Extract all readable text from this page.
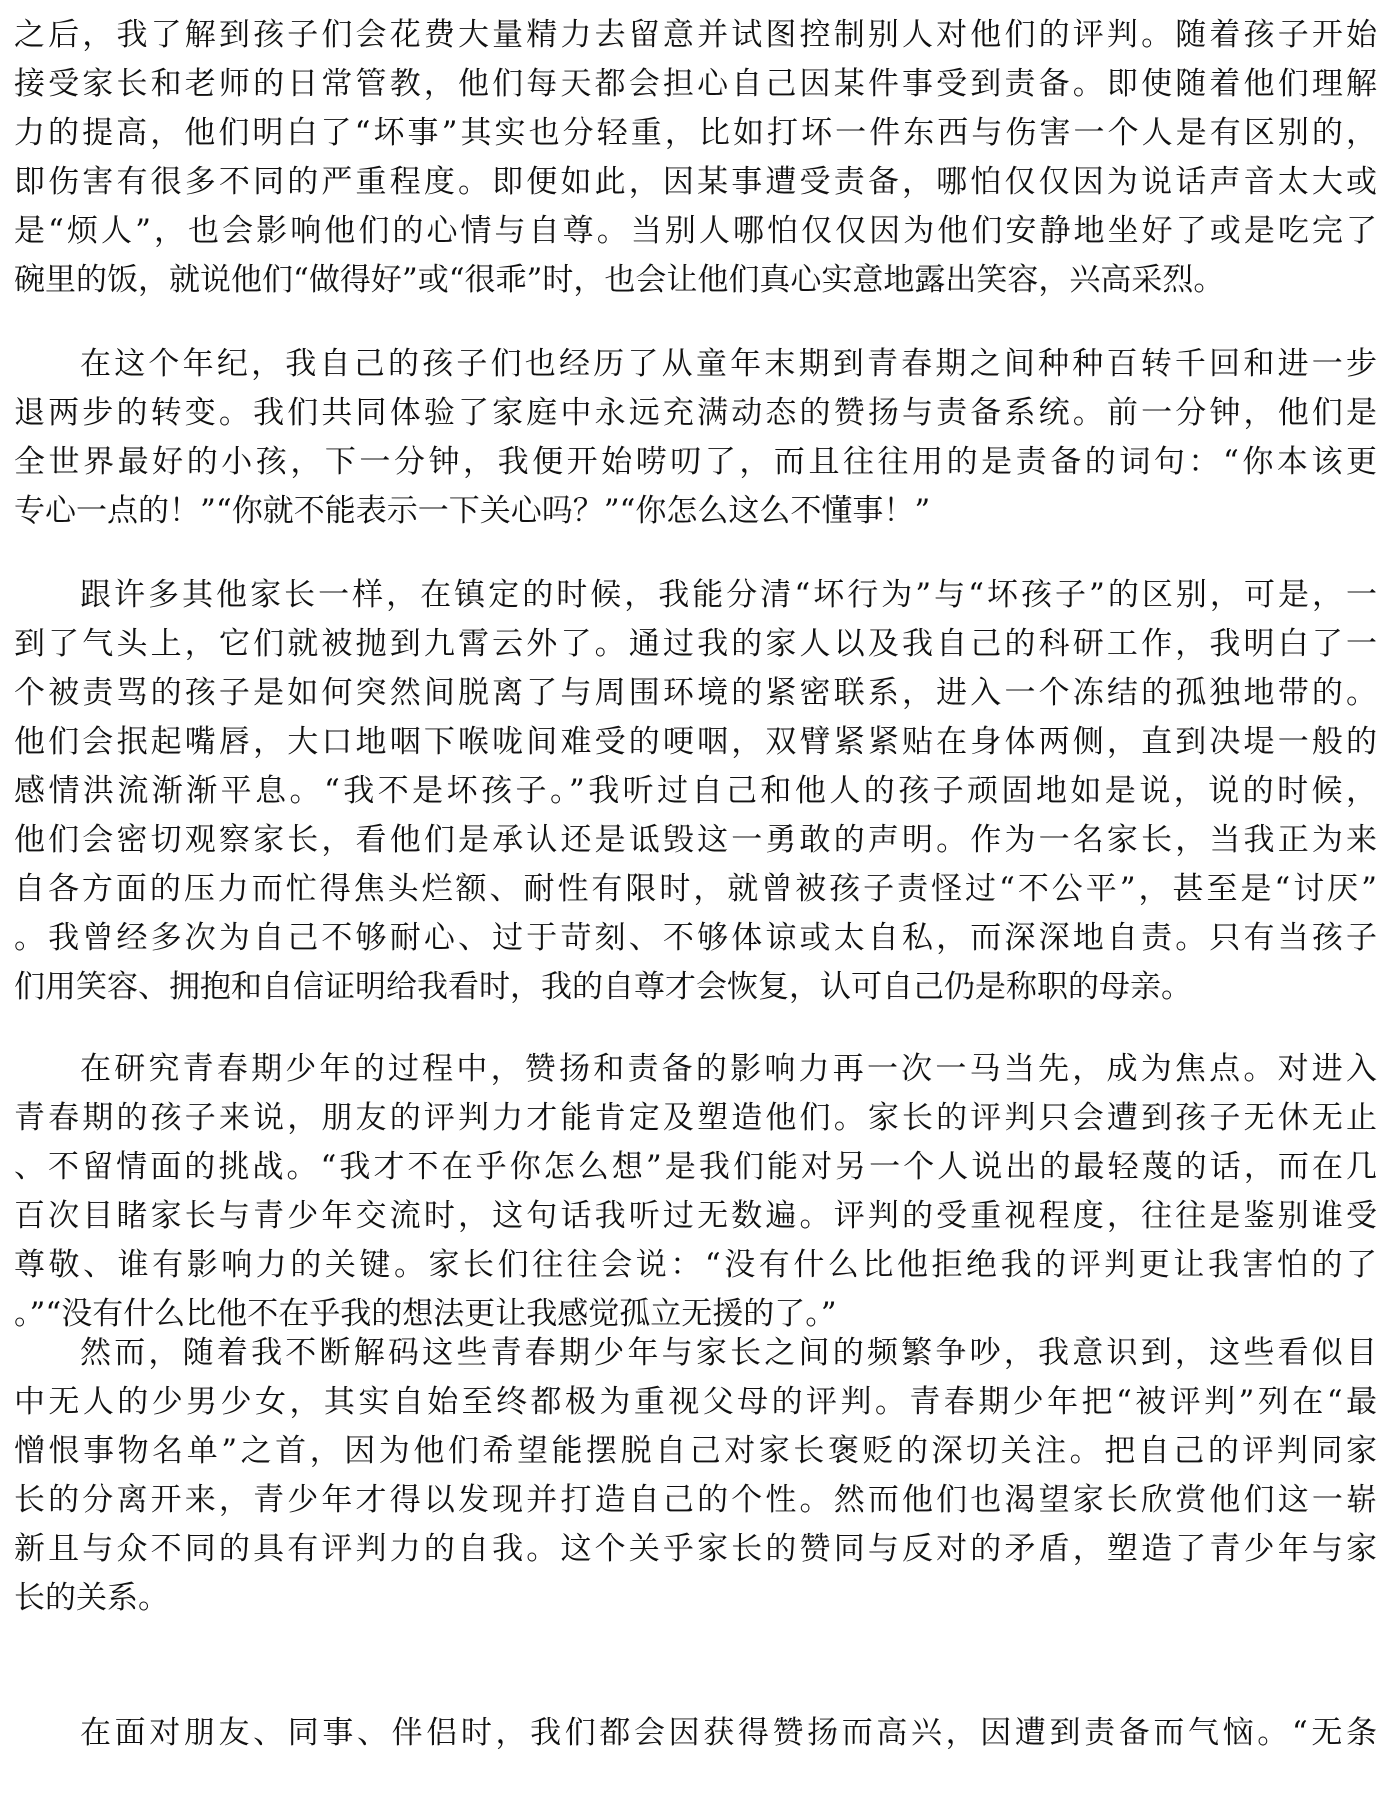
之后，我了解到孩子们会花费大量精力去留意并试图控制别人对他们的评判。随着孩子开始
接受家长和老师的日常管教，他们每天都会担心自己因某件事受到责备。即使随着他们理解
力的提高，他们明白了“坏事”其实也分轻重，比如打坏一件东西与伤害一个人是有区别的，
即伤害有很多不同的严重程度。即便如此，因某事遭受责备，哪怕仅仅因为说话声音太大或
是“烦人”，也会影响他们的心情与自尊。当别人哪怕仅仅因为他们安静地坐好了或是吃完了
碗里的饭，就说他们“做得好”或“很乖”时，也会让他们真心实意地露出笑容，兴高采烈。
在这个年纪，我自己的孩子们也经历了从童年末期到青春期之间种种百转千回和进一步
退两步的转变。我们共同体验了家庭中永远充满动态的赞扬与责备系统。前一分钟，他们是
全世界最好的小孩，下一分钟，我便开始唠叨了，而且往往用的是责备的词句：“你本该更
专心一点的！”“你就不能表示一下关心吗？”“你怎么这么不懂事！”
跟许多其他家长一样，在镇定的时候，我能分清“坏行为”与“坏孩子”的区别，可是，一
到了气头上，它们就被抛到九霄云外了。通过我的家人以及我自己的科研工作，我明白了一
个被责骂的孩子是如何突然间脱离了与周围环境的紧密联系，进入一个冻结的孤独地带的。
他们会抿起嘴唇，大口地咽下喉咙间难受的哽咽，双臂紧紧贴在身体两侧，直到决堤一般的
感情洪流渐渐平息。“我不是坏孩子。”我听过自己和他人的孩子顽固地如是说，说的时候，
他们会密切观察家长，看他们是承认还是诋毁这一勇敢的声明。作为一名家长，当我正为来
自各方面的压力而忙得焦头烂额、耐性有限时，就曾被孩子责怪过“不公平”，甚至是“讨厌”
。我曾经多次为自己不够耐心、过于苛刻、不够体谅或太自私，而深深地自责。只有当孩子
们用笑容、拥抱和自信证明给我看时，我的自尊才会恢复，认可自己仍是称职的母亲。
在研究青春期少年的过程中，赞扬和责备的影响力再一次一马当先，成为焦点。对进入
青春期的孩子来说，朋友的评判力才能肯定及塑造他们。家长的评判只会遭到孩子无休无止
、不留情面的挑战。“我才不在乎你怎么想”是我们能对另一个人说出的最轻蔑的话，而在几
百次目睹家长与青少年交流时，这句话我听过无数遍。评判的受重视程度，往往是鉴别谁受
尊敬、谁有影响力的关键。家长们往往会说：“没有什么比他拒绝我的评判更让我害怕的了
。”“没有什么比他不在乎我的想法更让我感觉孤立无援的了。”
然而，随着我不断解码这些青春期少年与家长之间的频繁争吵，我意识到，这些看似目
中无人的少男少女，其实自始至终都极为重视父母的评判。青春期少年把“被评判”列在“最
憎恨事物名单”之首，因为他们希望能摆脱自己对家长褒贬的深切关注。把自己的评判同家
长的分离开来，青少年才得以发现并打造自己的个性。然而他们也渴望家长欣赏他们这一崭
新且与众不同的具有评判力的自我。这个关乎家长的赞同与反对的矛盾，塑造了青少年与家
长的关系。
在面对朋友、同事、伴侣时，我们都会因获得赞扬而高兴，因遭到责备而气恼。“无条
